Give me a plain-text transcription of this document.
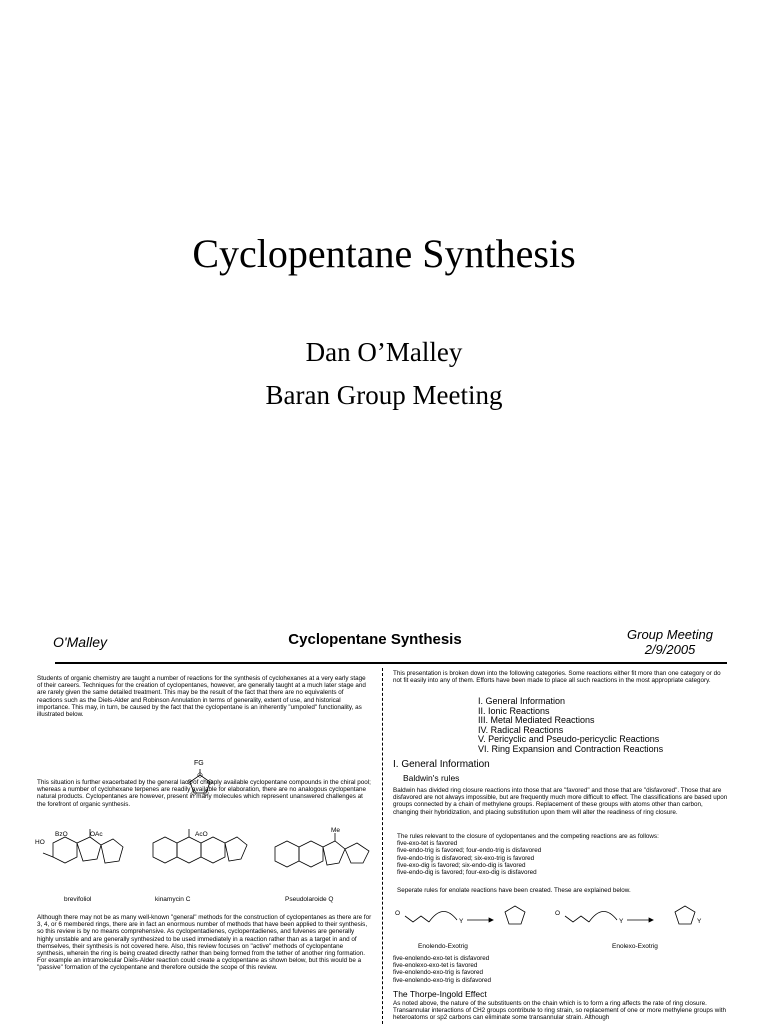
Cyclopentane Synthesis
Dan O’Malley
Baran Group Meeting
O'Malley	Cyclopentane Synthesis	Group Meeting
2/9/2005
Students of organic chemistry are taught a number of reactions for the synthesis of cyclohexanes at a very early stage of their careers. Techniques for the creation of cyclopentanes, however, are generally taught at a much later stage and are rarely given the same detailed treatment. This may be the result of the fact that there are no equivalents of reactions such as the Diels-Alder and Robinson Annulation in terms of generality, extent of use, and historical importance. This may, in turn, be caused by the fact that the cyclopentane is an inherently "umpoled" functionality, as illustrated below.
FG
This situation is further exacerbated by the general lack of cheaply available cyclopentane compounds in the chiral pool; whereas a number of cyclohexane terpenes are readily available for elaboration, there are no analogous cyclopentane natural products. Cyclopentanes are however, present in many molecules which represent unanswered challenges at the forefront of organic synthesis.
BzO	OAc
HO
AcO
Me
brevifoliol	kinamycin C	Pseudolaroide Q
Although there may not be as many well-known "general" methods for the construction of cyclopentanes as there are for 3, 4, or 6 membered rings, there are in fact an enormous number of methods that have been applied to their synthesis, so this review is by no means comprehensive. As cyclopentadienes, cyclopentadienes, and fulvenes are generally highly unstable and are generally synthesized to be used immediately in a reaction rather than as a target in and of themselves, their synthesis is not covered here. Also, this review focuses on "active" methods of cyclopentane synthesis, wherein the ring is being created directly rather than being formed from the tether of another ring formation. For example an intramolecular Diels-Alder reaction could create a cyclopentane as shown below, but this would be a "passive" formation of the cyclopentane and therefore outside the scope of this review.
This presentation is broken down into the following categories. Some reactions either fit more than one category or do not fit easily into any of them. Efforts have been made to place all such reactions in the most appropriate category.
I. General Information
II. Ionic Reactions
III. Metal Mediated Reactions
IV. Radical Reactions
V. Pericyclic and Pseudo-pericyclic Reactions
VI. Ring Expansion and Contraction Reactions
I. General Information
Baldwin's rules
Baldwin has divided ring closure reactions into those that are "favored" and those that are "disfavored". Those that are disfavored are not always impossible, but are frequently much more difficult to effect. The classifications are based upon groups connected by a chain of methylene groups. Replacement of these groups with atoms other than carbon, changing their hybridization, and placing substitution upon them will alter the readiness of ring closure.
The rules relevant to the closure of cyclopentanes and the competing reactions are as follows:
five-exo-tet is favored
five-endo-trig is favored; four-endo-trig is disfavored
five-endo-trig is disfavored; six-exo-trig is favored
five-exo-dig is favored; six-endo-dig is favored
five-endo-dig is favored; four-exo-dig is disfavored
Seperate rules for enolate reactions have been created. These are explained below.
O
Y
O
Y	Y
Enolendo-Exotrig	Enolexo-Exotrig
five-enolendo-exo-tet is disfavored
five-enolexo-exo-tet is favored
five-enolendo-exo-trig is favored
five-enolendo-exo-trig is disfavored
The Thorpe-Ingold Effect
As noted above, the nature of the substituents on the chain which is to form a ring affects the rate of ring closure. Transannular interactions of CH2 groups contribute to ring strain, so replacement of one or more methylene groups with heteroatoms or sp2 carbons can eliminate some transannular strain. Although
